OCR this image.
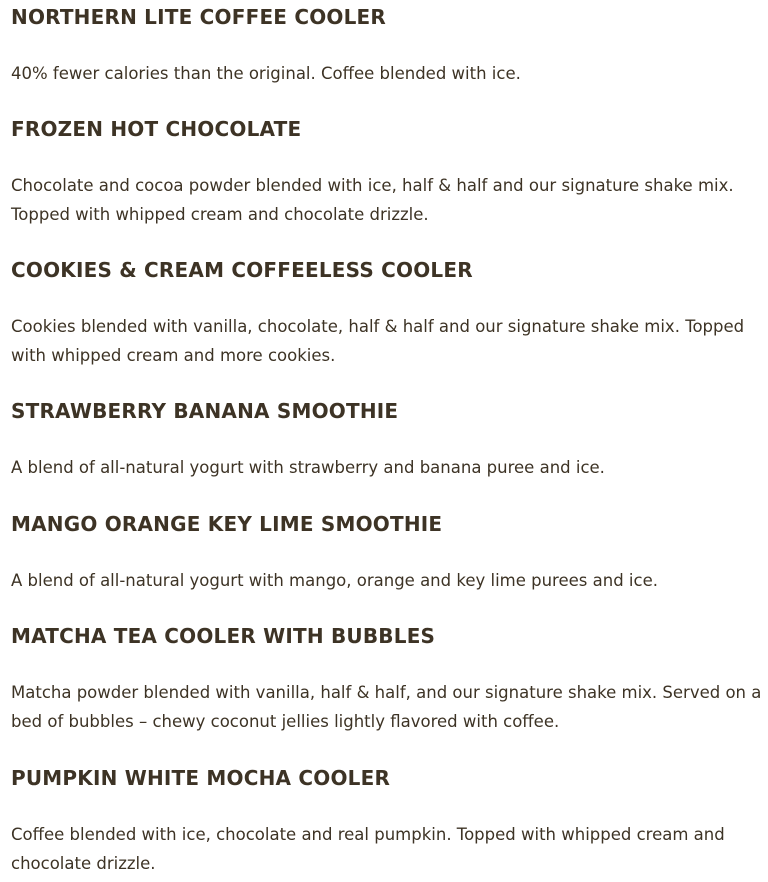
NORTHERN LITE COFFEE COOLER

40% fewer calories than the original. Coffee blended with ice.

FROZEN HOT CHOCOLATE

Chocolate and cocoa powder blended with ice, half & half and our signature shake mix. Topped with whipped cream and chocolate drizzle.

COOKIES & CREAM COFFEELESS COOLER

Cookies blended with vanilla, chocolate, half & half and our signature shake mix. Topped with whipped cream and more cookies.

STRAWBERRY BANANA SMOOTHIE

A blend of all-natural yogurt with strawberry and banana puree and ice.

MANGO ORANGE KEY LIME SMOOTHIE

A blend of all-natural yogurt with mango, orange and key lime purees and ice.

MATCHA TEA COOLER WITH BUBBLES

Matcha powder blended with vanilla, half & half, and our signature shake mix. Served on a bed of bubbles – chewy coconut jellies lightly flavored with coffee.

PUMPKIN WHITE MOCHA COOLER

Coffee blended with ice, chocolate and real pumpkin. Topped with whipped cream and chocolate drizzle.
